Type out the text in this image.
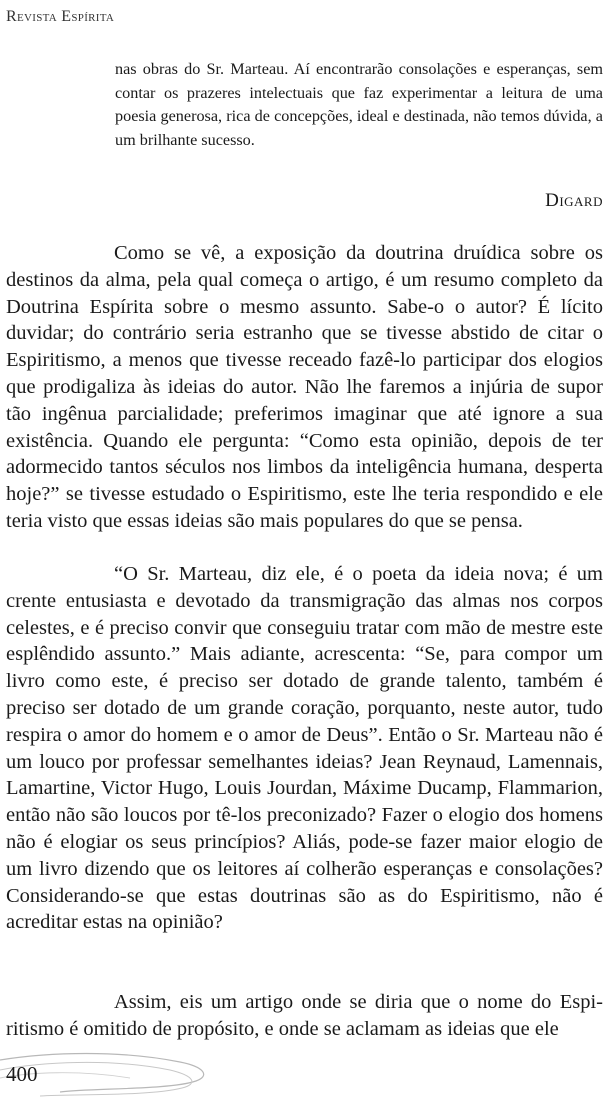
Revista Espírita
nas obras do Sr. Marteau. Aí encontrarão consolações e esperanças, sem contar os prazeres intelectuais que faz experimentar a leitura de uma poesia generosa, rica de concepções, ideal e destinada, não temos dúvida, a um brilhante sucesso.
Digard

Como se vê, a exposição da doutrina druídica sobre os destinos da alma, pela qual começa o artigo, é um resumo completo da Doutrina Espírita sobre o mesmo assunto. Sabe-o o autor? É lícito duvidar; do contrário seria estranho que se tivesse abstido de citar o Espiritismo, a menos que tivesse receado fazê-lo participar dos elogios que prodigaliza às ideias do autor. Não lhe faremos a injúria de supor tão ingênua parcialidade; preferimos imaginar que até ignore a sua existência. Quando ele pergunta: “Como esta opinião, depois de ter adormecido tantos séculos nos limbos da inteligência humana, desperta hoje?” se tivesse estudado o Espiritismo, este lhe teria respondido e ele teria visto que essas ideias são mais populares do que se pensa.

“O Sr. Marteau, diz ele, é o poeta da ideia nova; é um crente entusiasta e devotado da transmigração das almas nos corpos celestes, e é preciso convir que conseguiu tratar com mão de mestre este esplêndido assunto.” Mais adiante, acrescenta: “Se, para compor um livro como este, é preciso ser dotado de grande talento, também é preciso ser dotado de um grande coração, porquanto, neste autor, tudo respira o amor do homem e o amor de Deus”. Então o Sr. Marteau não é um louco por professar semelhantes ideias? Jean Reynaud, Lamennais, Lamartine, Victor Hugo, Louis Jourdan, Máxime Ducamp, Flammarion, então não são loucos por tê-los preconizado? Fazer o elogio dos homens não é elogiar os seus princípios? Aliás, pode-se fazer maior elogio de um livro dizendo que os leitores aí colherão esperanças e consolações? Considerando-se que estas doutrinas são as do Espiritismo, não é acreditar estas na opinião?

Assim, eis um artigo onde se diria que o nome do Espiritismo é omitido de propósito, e onde se aclamam as ideias que ele

400
